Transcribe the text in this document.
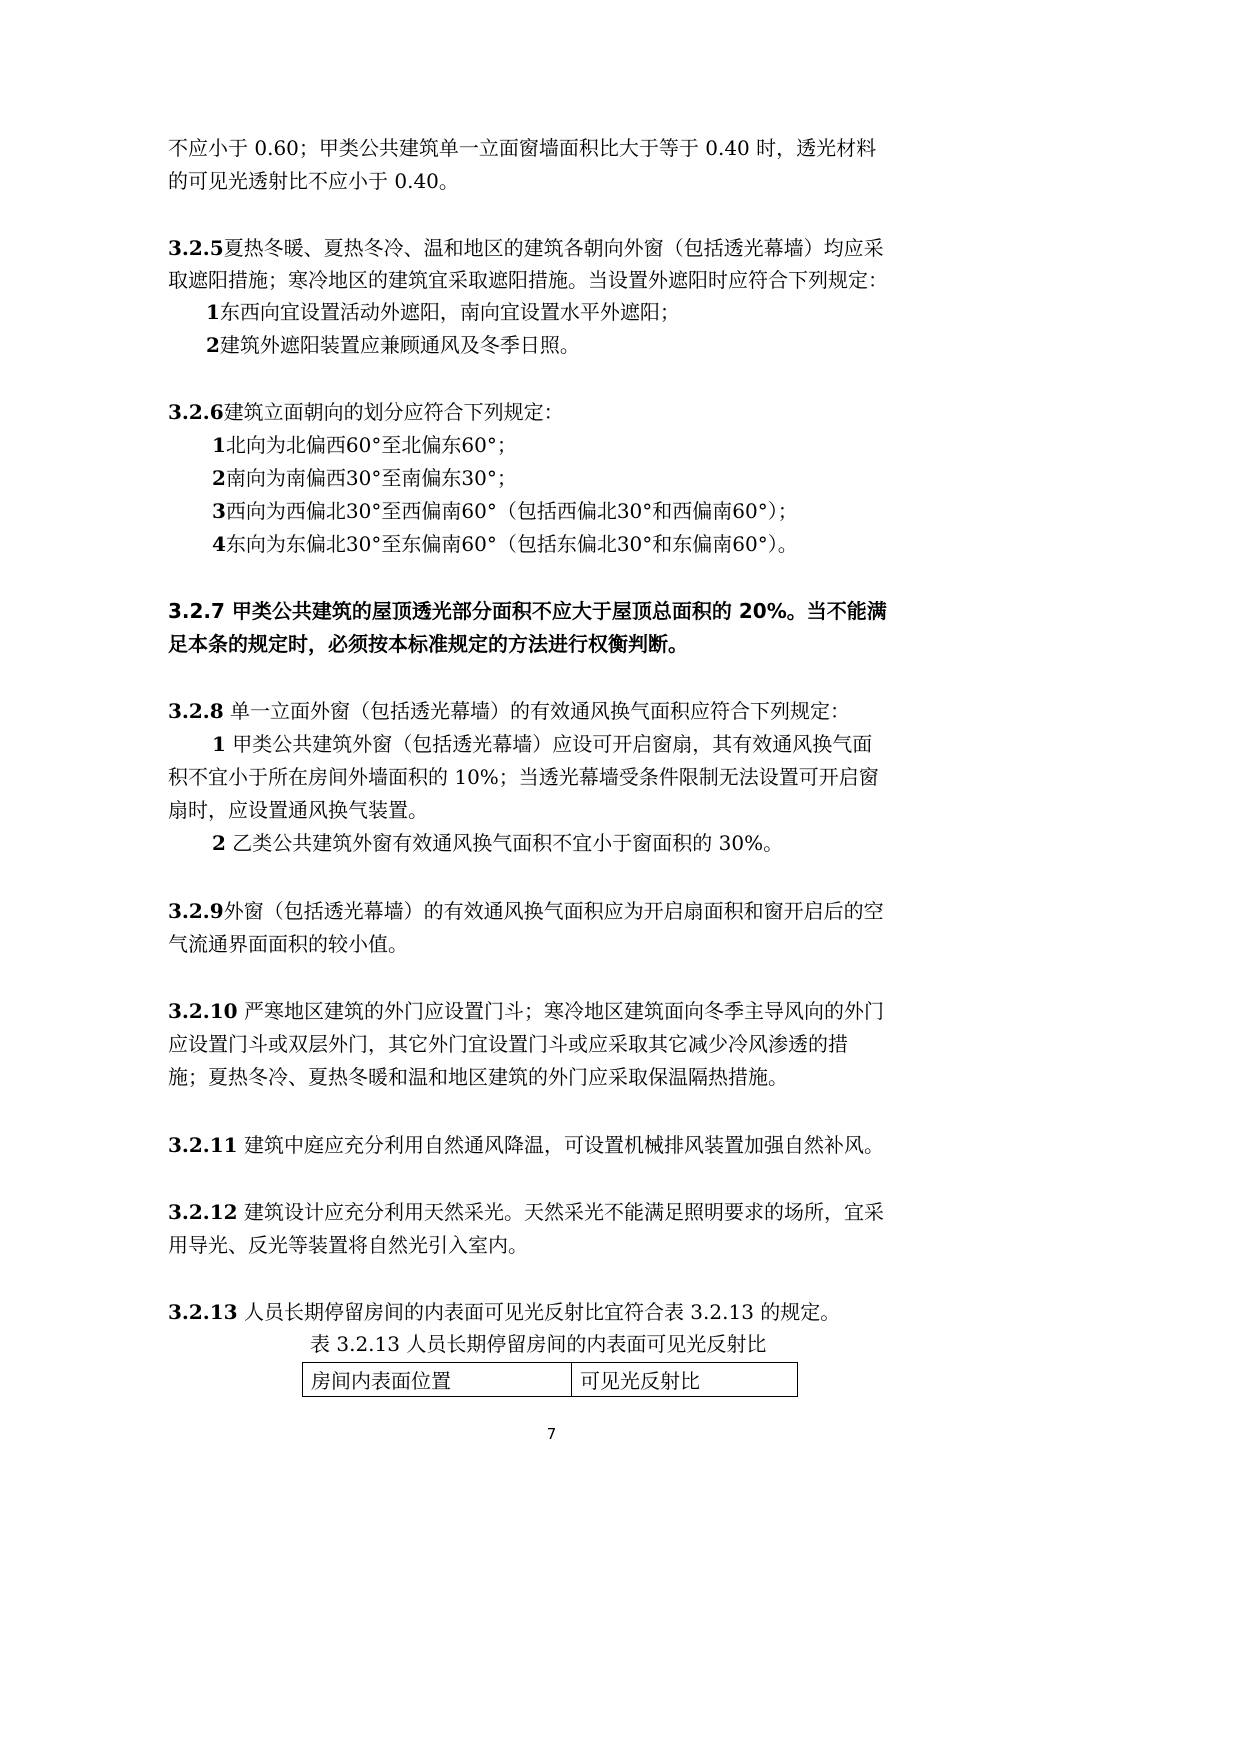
不应小于 0.60；甲类公共建筑单一立面窗墙面积比大于等于 0.40 时，透光材料
的可见光透射比不应小于 0.40。
3.2.5夏热冬暖、夏热冬冷、温和地区的建筑各朝向外窗（包括透光幕墙）均应采
取遮阳措施；寒冷地区的建筑宜采取遮阳措施。当设置外遮阳时应符合下列规定：
1东西向宜设置活动外遮阳，南向宜设置水平外遮阳；
2建筑外遮阳装置应兼顾通风及冬季日照。
3.2.6建筑立面朝向的划分应符合下列规定：
1北向为北偏西60°至北偏东60°；
2南向为南偏西30°至南偏东30°；
3西向为西偏北30°至西偏南60°（包括西偏北30°和西偏南60°）；
4东向为东偏北30°至东偏南60°（包括东偏北30°和东偏南60°）。
3.2.7 甲类公共建筑的屋顶透光部分面积不应大于屋顶总面积的 20%。当不能满
足本条的规定时，必须按本标准规定的方法进行权衡判断。
3.2.8 单一立面外窗（包括透光幕墙）的有效通风换气面积应符合下列规定：
1 甲类公共建筑外窗（包括透光幕墙）应设可开启窗扇，其有效通风换气面
积不宜小于所在房间外墙面积的 10%；当透光幕墙受条件限制无法设置可开启窗
扇时，应设置通风换气装置。
2 乙类公共建筑外窗有效通风换气面积不宜小于窗面积的 30%。
3.2.9外窗（包括透光幕墙）的有效通风换气面积应为开启扇面积和窗开启后的空
气流通界面面积的较小值。
3.2.10 严寒地区建筑的外门应设置门斗；寒冷地区建筑面向冬季主导风向的外门
应设置门斗或双层外门，其它外门宜设置门斗或应采取其它减少冷风渗透的措
施；夏热冬冷、夏热冬暖和温和地区建筑的外门应采取保温隔热措施。
3.2.11 建筑中庭应充分利用自然通风降温，可设置机械排风装置加强自然补风。
3.2.12 建筑设计应充分利用天然采光。天然采光不能满足照明要求的场所，宜采
用导光、反光等装置将自然光引入室内。
3.2.13 人员长期停留房间的内表面可见光反射比宜符合表 3.2.13 的规定。
表 3.2.13 人员长期停留房间的内表面可见光反射比
房间内表面位置	可见光反射比
7
